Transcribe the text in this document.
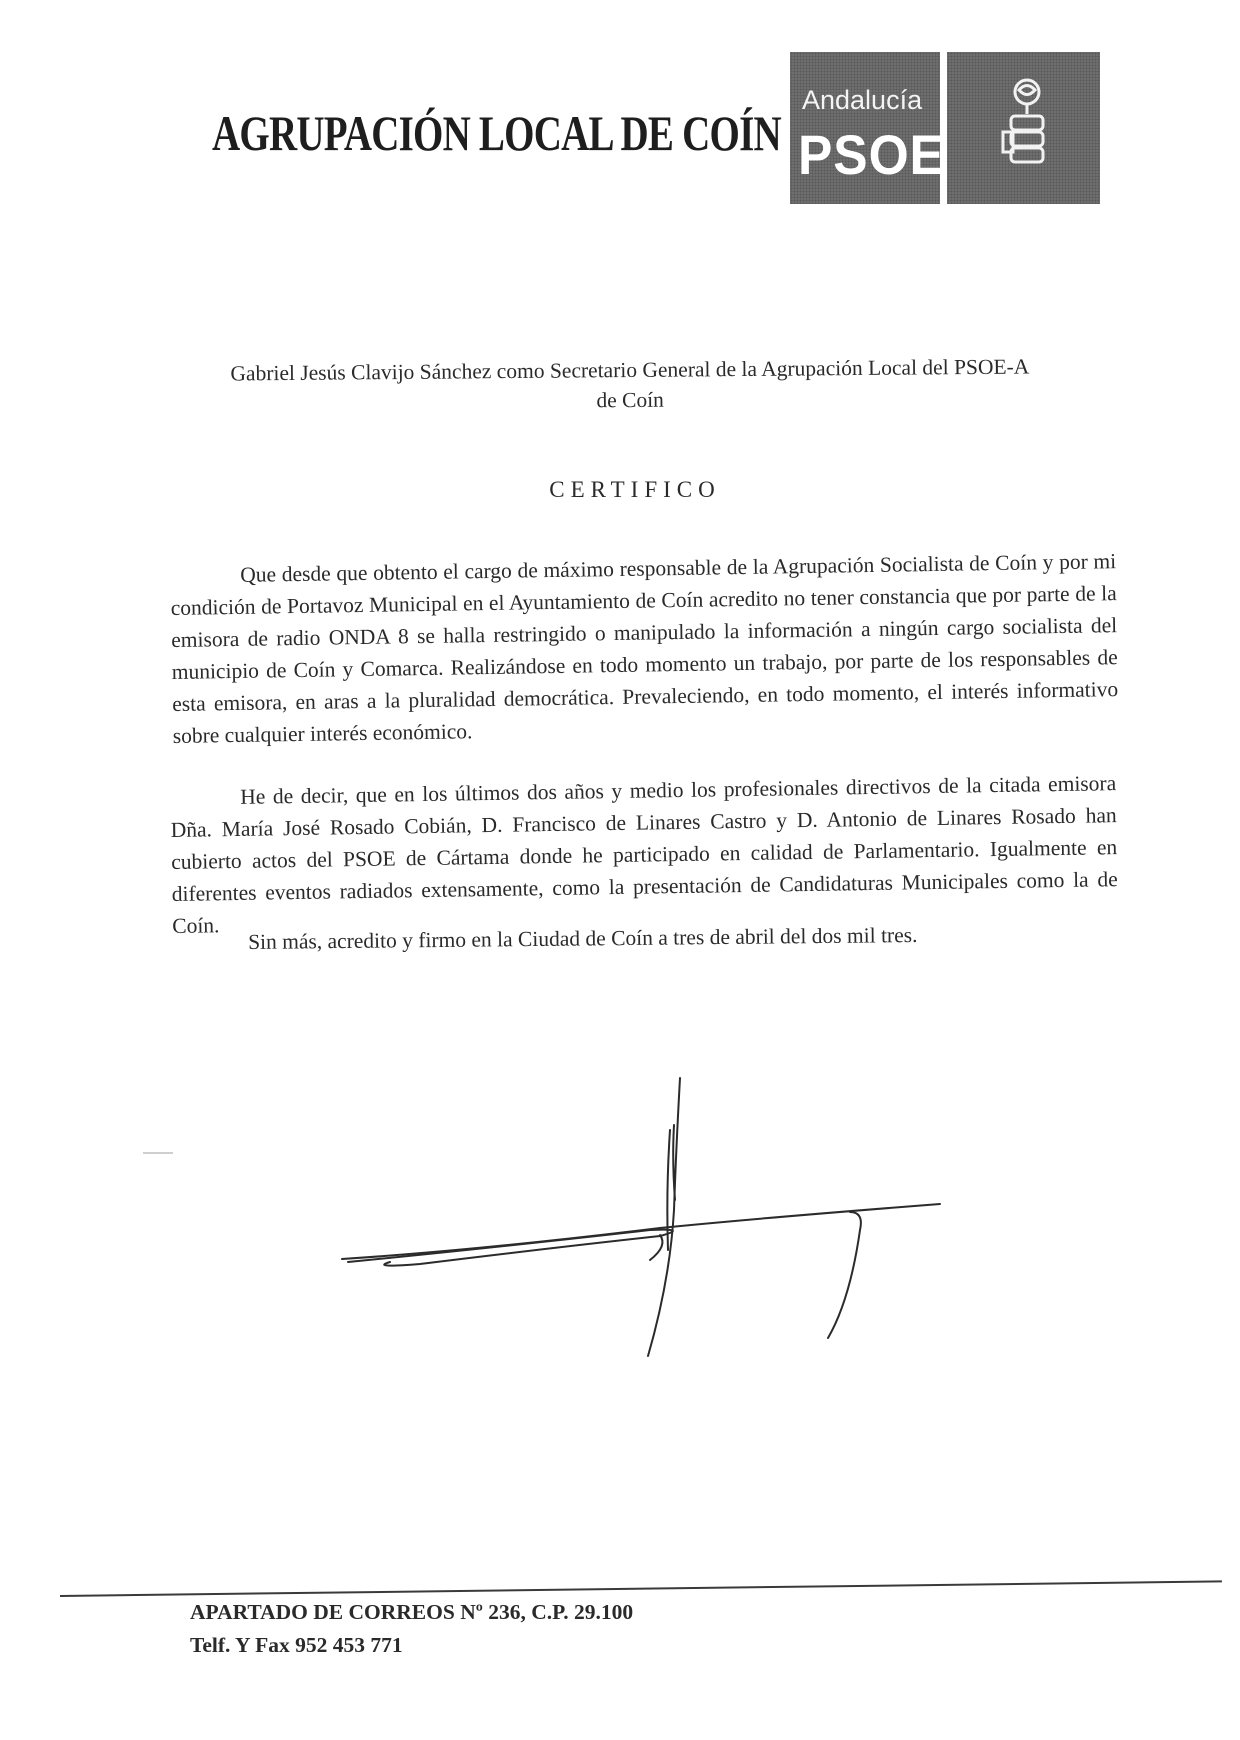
AGRUPACIÓN LOCAL DE COÍN
Andalucía
PSOE
Gabriel Jesús Clavijo Sánchez como Secretario General de la Agrupación Local del PSOE-A
de Coín
CERTIFICO

Que desde que obtento el cargo de máximo responsable de la Agrupación Socialista de Coín y por mi condición de Portavoz Municipal en el Ayuntamiento de Coín acredito no tener constancia que por parte de la emisora de radio ONDA 8 se halla restringido o manipulado la información a ningún cargo socialista del municipio de Coín y Comarca. Realizándose en todo momento un trabajo, por parte de los responsables de esta emisora, en aras a la pluralidad democrática. Prevaleciendo, en todo momento, el interés informativo sobre cualquier interés económico.

He de decir, que en los últimos dos años y medio los profesionales directivos de la citada emisora Dña. María José Rosado Cobián, D. Francisco de Linares Castro y D. Antonio de Linares Rosado han cubierto actos del PSOE de Cártama donde he participado en calidad de Parlamentario. Igualmente en diferentes eventos radiados extensamente, como la presentación de Candidaturas Municipales como la de Coín.	Sin más, acredito y firmo en la Ciudad de Coín a tres de abril del dos mil tres.
APARTADO DE CORREOS Nº 236, C.P. 29.100
Telf. Y Fax 952 453 771
